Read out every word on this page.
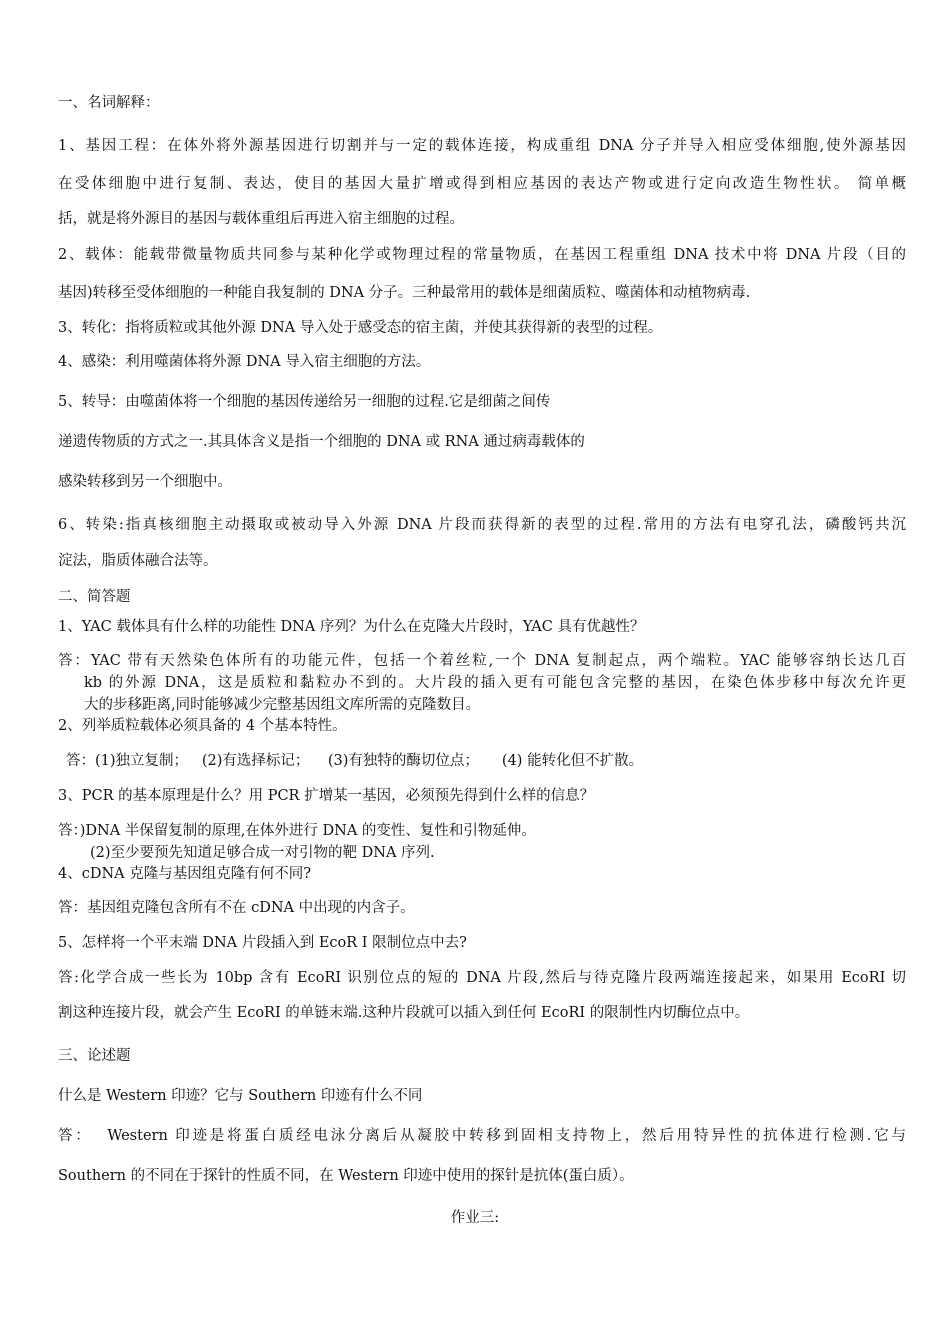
一、名词解释：
1、基因工程：在体外将外源基因进行切割并与一定的载体连接，构成重组 DNA 分子并导入相应受体细胞,使外源基因
在受体细胞中进行复制、表达，使目的基因大量扩增或得到相应基因的表达产物或进行定向改造生物性状。 简单概
括，就是将外源目的基因与载体重组后再进入宿主细胞的过程。
2、载体：能载带微量物质共同参与某种化学或物理过程的常量物质，在基因工程重组 DNA 技术中将 DNA 片段（目的
基因)转移至受体细胞的一种能自我复制的 DNA 分子。三种最常用的载体是细菌质粒、噬菌体和动植物病毒.
3、转化：指将质粒或其他外源 DNA 导入处于感受态的宿主菌，并使其获得新的表型的过程。
4、感染：利用噬菌体将外源 DNA 导入宿主细胞的方法。
5、转导：由噬菌体将一个细胞的基因传递给另一细胞的过程.它是细菌之间传
递遗传物质的方式之一.其具体含义是指一个细胞的 DNA 或 RNA 通过病毒载体的
感染转移到另一个细胞中。
6、转染:指真核细胞主动摄取或被动导入外源 DNA 片段而获得新的表型的过程.常用的方法有电穿孔法，磷酸钙共沉
淀法，脂质体融合法等。
二、简答题
1、YAC 载体具有什么样的功能性 DNA 序列？为什么在克隆大片段时，YAC 具有优越性？
答：YAC 带有天然染色体所有的功能元件，包括一个着丝粒,一个 DNA 复制起点，两个端粒。YAC 能够容纳长达几百
kb 的外源 DNA，这是质粒和黏粒办不到的。大片段的插入更有可能包含完整的基因，在染色体步移中每次允许更
大的步移距离,同时能够减少完整基因组文库所需的克隆数目。
2、列举质粒载体必须具备的 4 个基本特性。
答：(1)独立复制；   (2)有选择标记；    (3)有独特的酶切位点；     (4) 能转化但不扩散。
3、PCR 的基本原理是什么？用 PCR 扩增某一基因，必须预先得到什么样的信息？
答：)DNA 半保留复制的原理,在体外进行 DNA 的变性、复性和引物延伸。
(2)至少要预先知道足够合成一对引物的靶 DNA 序列.
4、cDNA 克隆与基因组克隆有何不同?
答：基因组克隆包含所有不在 cDNA 中出现的内含子。
5、怎样将一个平末端 DNA 片段插入到 EcoR I 限制位点中去?
答:化学合成一些长为 10bp 含有 EcoRI 识别位点的短的 DNA 片段,然后与待克隆片段两端连接起来，如果用 EcoRI 切
割这种连接片段，就会产生 EcoRI 的单链末端.这种片段就可以插入到任何 EcoRI 的限制性内切酶位点中。
三、论述题
什么是 Western 印迹？它与 Southern 印迹有什么不同
答：  Western 印迹是将蛋白质经电泳分离后从凝胶中转移到固相支持物上，然后用特异性的抗体进行检测.它与
Southern 的不同在于探针的性质不同，在 Western 印迹中使用的探针是抗体(蛋白质）。
作业三:
